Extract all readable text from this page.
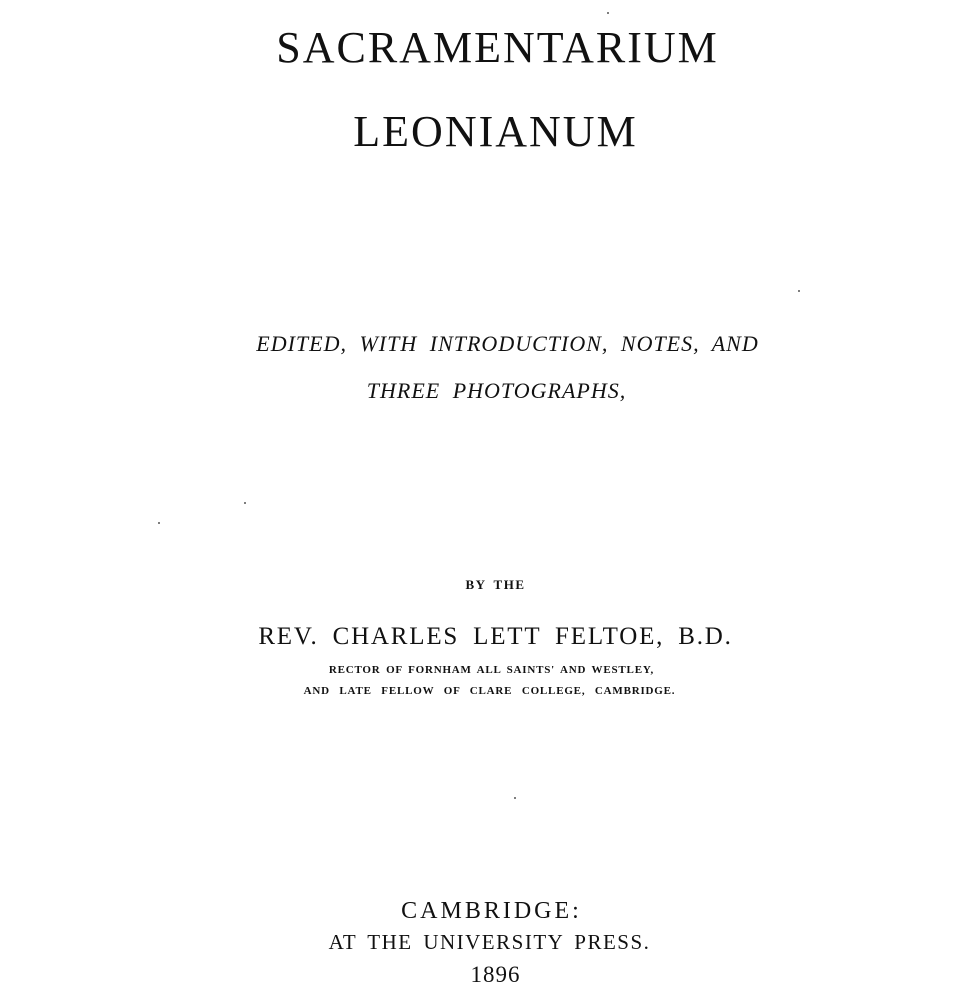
SACRAMENTARIUM
LEONIANUM

EDITED, WITH INTRODUCTION, NOTES, AND

THREE PHOTOGRAPHS,

BY THE

REV. CHARLES LETT FELTOE, B.D.

RECTOR OF FORNHAM ALL SAINTS' AND WESTLEY,

AND LATE FELLOW OF CLARE COLLEGE, CAMBRIDGE.

CAMBRIDGE:

AT THE UNIVERSITY PRESS.

1896
